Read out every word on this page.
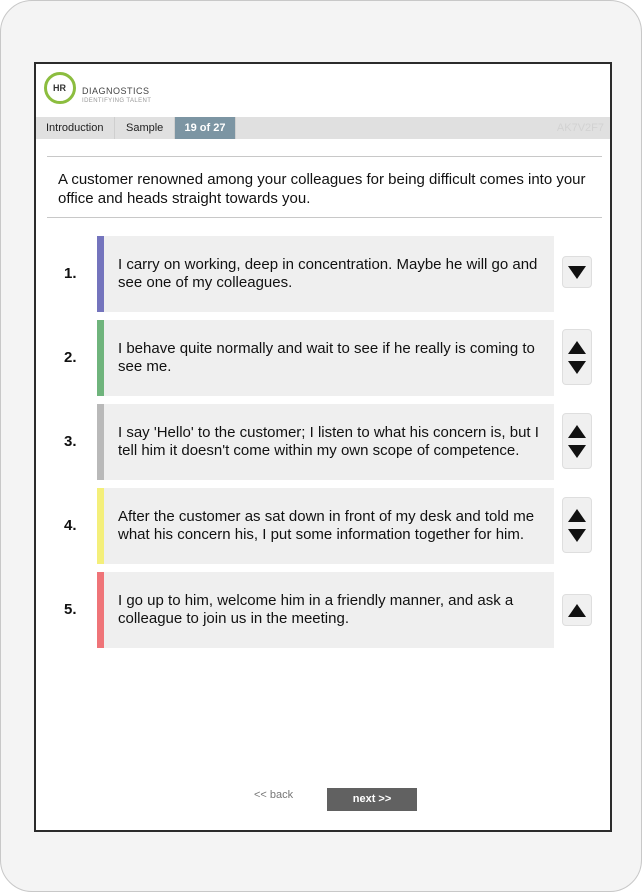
HR DIAGNOSTICS
IDENTIFYING TALENT
Introduction	Sample	19 of 27	AK7V2F7
A customer renowned among your colleagues for being difficult comes into your office and heads straight towards you.
1.
I carry on working, deep in concentration. Maybe he will go and see one of my colleagues.
2.
I behave quite normally and wait to see if he really is coming to see me.
3.
I say 'Hello' to the customer; I listen to what his concern is, but I tell him it doesn't come within my own scope of competence.
4.
After the customer as sat down in front of my desk and told me what his concern his, I put some information together for him.
5.
I go up to him, welcome him in a friendly manner, and ask a colleague to join us in the meeting.
<< back	next >>
